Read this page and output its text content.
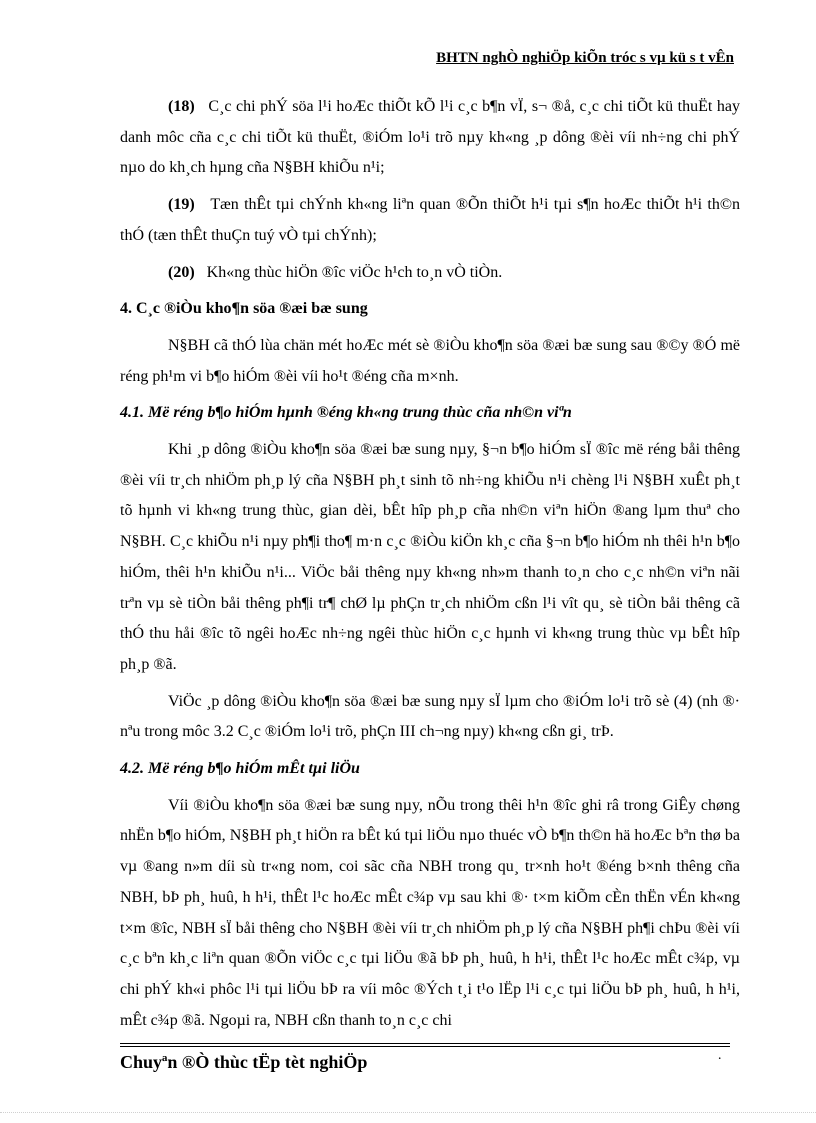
BHTN nghÒ nghiÖp kiÕn tróc s vµ kü s t vÊn

(18) C¸c chi phÝ söa l¹i hoÆc thiÕt kÕ l¹i c¸c b¶n vÏ, s¬ ®å, c¸c chi tiÕt kü thuËt hay danh môc cña c¸c chi tiÕt kü thuËt, ®iÓm lo¹i trõ nµy kh«ng ¸p dông ®èi víi nh÷ng chi phÝ nµo do kh¸ch hµng cña N§BH khiÕu n¹i;

(19) Tæn thÊt tµi chÝnh kh«ng liªn quan ®Õn thiÕt h¹i tµi s¶n hoÆc thiÕt h¹i th©n thÓ (tæn thÊt thuÇn tuý vÒ tµi chÝnh);

(20) Kh«ng thùc hiÖn ®îc viÖc h¹ch to¸n vÒ tiÒn.

4. C¸c ®iÒu kho¶n söa ®æi bæ sung

N§BH cã thÓ lùa chän mét hoÆc mét sè ®iÒu kho¶n söa ®æi bæ sung sau ®©y ®Ó më réng ph¹m vi b¶o hiÓm ®èi víi ho¹t ®éng cña m×nh.

4.1. Më réng b¶o hiÓm hµnh ®éng kh«ng trung thùc cña nh©n viªn

Khi ¸p dông ®iÒu kho¶n söa ®æi bæ sung nµy, §¬n b¶o hiÓm sÏ ®îc më réng båi thêng ®èi víi tr¸ch nhiÖm ph¸p lý cña N§BH ph¸t sinh tõ nh÷ng khiÕu n¹i chèng l¹i N§BH xuÊt ph¸t tõ hµnh vi kh«ng trung thùc, gian dèi, bÊt hîp ph¸p cña nh©n viªn hiÖn ®ang lµm thuª cho N§BH. C¸c khiÕu n¹i nµy ph¶i tho¶ m·n c¸c ®iÒu kiÖn kh¸c cña §¬n b¶o hiÓm nh thêi h¹n b¶o hiÓm, thêi h¹n khiÕu n¹i... ViÖc båi thêng nµy kh«ng nh»m thanh to¸n cho c¸c nh©n viªn nãi trªn vµ sè tiÒn båi thêng ph¶i tr¶ chØ lµ phÇn tr¸ch nhiÖm cßn l¹i vît qu¸ sè tiÒn båi thêng cã thÓ thu håi ®îc tõ ngêi hoÆc nh÷ng ngêi thùc hiÖn c¸c hµnh vi kh«ng trung thùc vµ bÊt hîp ph¸p ®ã.

ViÖc ¸p dông ®iÒu kho¶n söa ®æi bæ sung nµy sÏ lµm cho ®iÓm lo¹i trõ sè (4) (nh ®· nªu trong môc 3.2 C¸c ®iÓm lo¹i trõ, phÇn III ch¬ng nµy) kh«ng cßn gi¸ trÞ.

4.2. Më réng b¶o hiÓm mÊt tµi liÖu

Víi ®iÒu kho¶n söa ®æi bæ sung nµy, nÕu trong thêi h¹n ®îc ghi râ trong GiÊy chøng nhËn b¶o hiÓm, N§BH ph¸t hiÖn ra bÊt kú tµi liÖu nµo thuéc vÒ b¶n th©n hä hoÆc bªn thø ba vµ ®ang n»m díi sù tr«ng nom, coi sãc cña NBH trong qu¸ tr×nh ho¹t ®éng b×nh thêng cña NBH, bÞ ph¸ huû, h h¹i, thÊt l¹c hoÆc mÊt c¾p vµ sau khi ®· t×m kiÕm cÈn thËn vÉn kh«ng t×m ®îc, NBH sÏ båi thêng cho N§BH ®èi víi tr¸ch nhiÖm ph¸p lý cña N§BH ph¶i chÞu ®èi víi c¸c bªn kh¸c liªn quan ®Õn viÖc c¸c tµi liÖu ®ã bÞ ph¸ huû, h h¹i, thÊt l¹c hoÆc mÊt c¾p, vµ chi phÝ kh«i phôc l¹i tµi liÖu bÞ ra víi môc ®Ých t¸i t¹o lËp l¹i c¸c tµi liÖu bÞ ph¸ huû, h h¹i, mÊt c¾p ®ã. Ngoµi ra, NBH cßn thanh to¸n c¸c chi

Chuyªn ®Ò thùc tËp tèt nghiÖp	·
